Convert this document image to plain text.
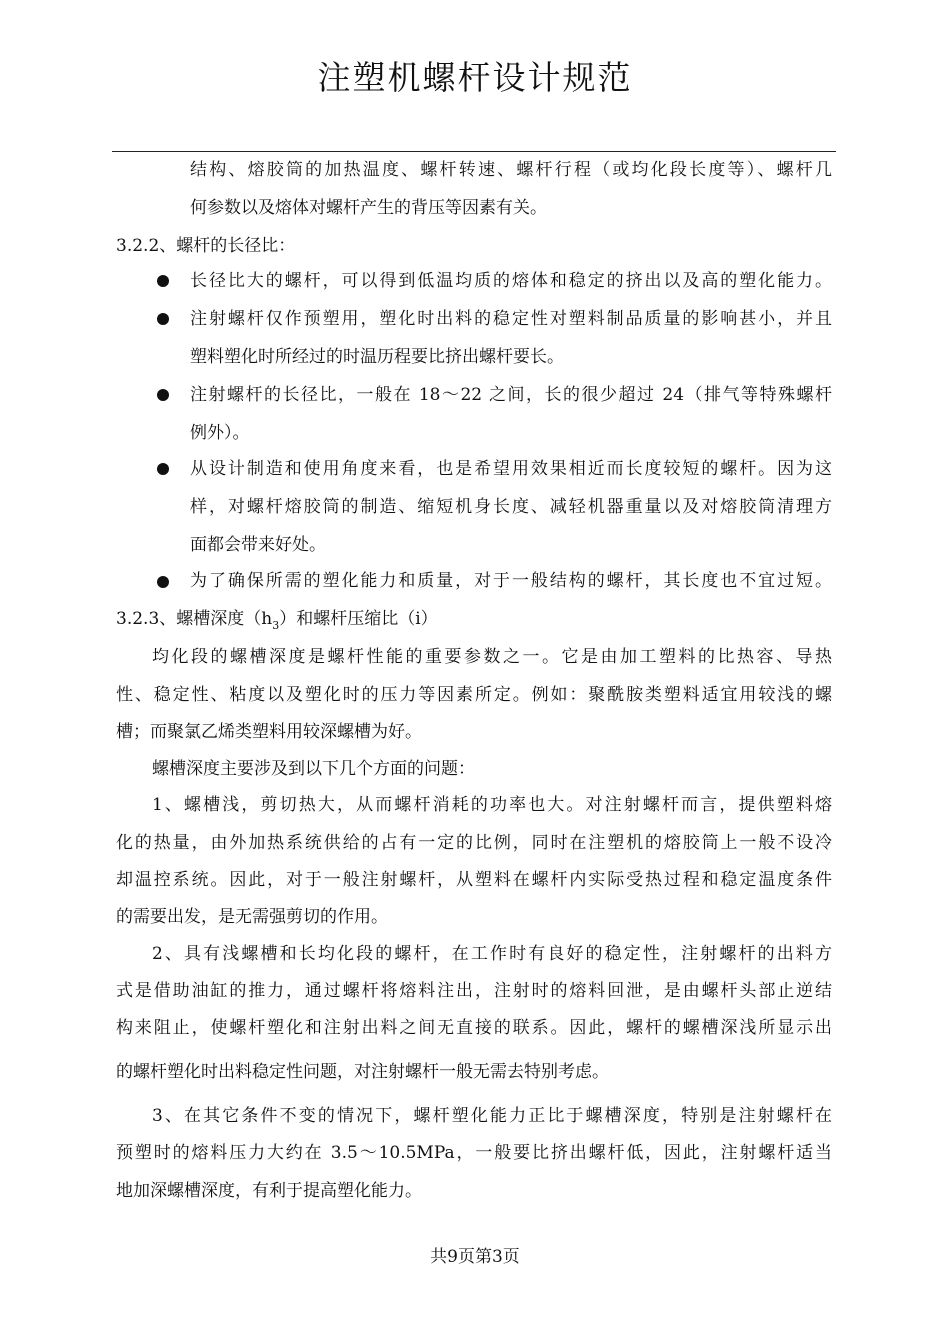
注塑机螺杆设计规范
结构、熔胶筒的加热温度、螺杆转速、螺杆行程（或均化段长度等）、螺杆几
何参数以及熔体对螺杆产生的背压等因素有关。
3.2.2、螺杆的长径比：
长径比大的螺杆，可以得到低温均质的熔体和稳定的挤出以及高的塑化能力。
注射螺杆仅作预塑用，塑化时出料的稳定性对塑料制品质量的影响甚小，并且
塑料塑化时所经过的时温历程要比挤出螺杆要长。
注射螺杆的长径比，一般在 18～22 之间，长的很少超过 24（排气等特殊螺杆
例外）。
从设计制造和使用角度来看，也是希望用效果相近而长度较短的螺杆。因为这
样，对螺杆熔胶筒的制造、缩短机身长度、减轻机器重量以及对熔胶筒清理方
面都会带来好处。
为了确保所需的塑化能力和质量，对于一般结构的螺杆，其长度也不宜过短。
3.2.3、螺槽深度$(h_3)$和螺杆压缩比（i）
均化段的螺槽深度是螺杆性能的重要参数之一。它是由加工塑料的比热容、导热
性、稳定性、粘度以及塑化时的压力等因素所定。例如：聚酰胺类塑料适宜用较浅的螺
槽；而聚氯乙烯类塑料用较深螺槽为好。
螺槽深度主要涉及到以下几个方面的问题：
1、螺槽浅，剪切热大，从而螺杆消耗的功率也大。对注射螺杆而言，提供塑料熔
化的热量，由外加热系统供给的占有一定的比例，同时在注塑机的熔胶筒上一般不设冷
却温控系统。因此，对于一般注射螺杆，从塑料在螺杆内实际受热过程和稳定温度条件
的需要出发，是无需强剪切的作用。
2、具有浅螺槽和长均化段的螺杆，在工作时有良好的稳定性，注射螺杆的出料方
式是借助油缸的推力，通过螺杆将熔料注出，注射时的熔料回泄，是由螺杆头部止逆结
构来阻止，使螺杆塑化和注射出料之间无直接的联系。因此，螺杆的螺槽深浅所显示出
的螺杆塑化时出料稳定性问题，对注射螺杆一般无需去特别考虑。
3、在其它条件不变的情况下，螺杆塑化能力正比于螺槽深度，特别是注射螺杆在
预塑时的熔料压力大约在 3.5～10.5MPa，一般要比挤出螺杆低，因此，注射螺杆适当
地加深螺槽深度，有利于提高塑化能力。
共9页第3页
